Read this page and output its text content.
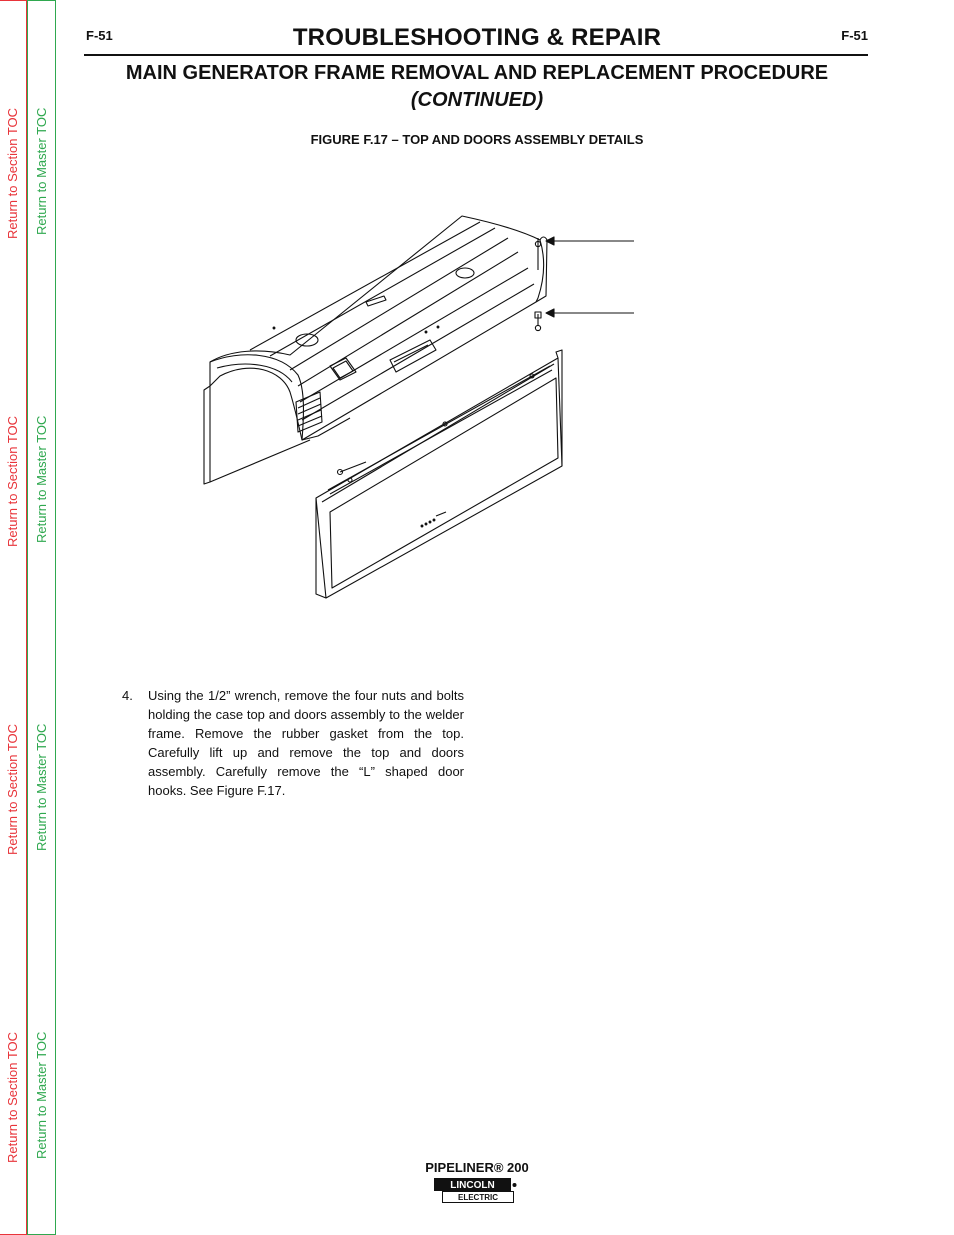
Return to Section TOC
Return to Section TOC
Return to Section TOC
Return to Section TOC
Return to Master TOC
Return to Master TOC
Return to Master TOC
Return to Master TOC
F-51	TROUBLESHOOTING & REPAIR	F-51
MAIN GENERATOR FRAME REMOVAL AND REPLACEMENT PROCEDURE
(CONTINUED)
FIGURE F.17 – TOP AND DOORS ASSEMBLY DETAILS
4.	Using the 1/2” wrench, remove the four nuts and bolts holding the case top and doors assembly to the welder frame. Remove the rubber gasket from the top. Carefully lift up and remove the top and doors assembly. Carefully remove the “L” shaped door hooks. See Figure F.17.
PIPELINER® 200
LINCOLN
ELECTRIC
